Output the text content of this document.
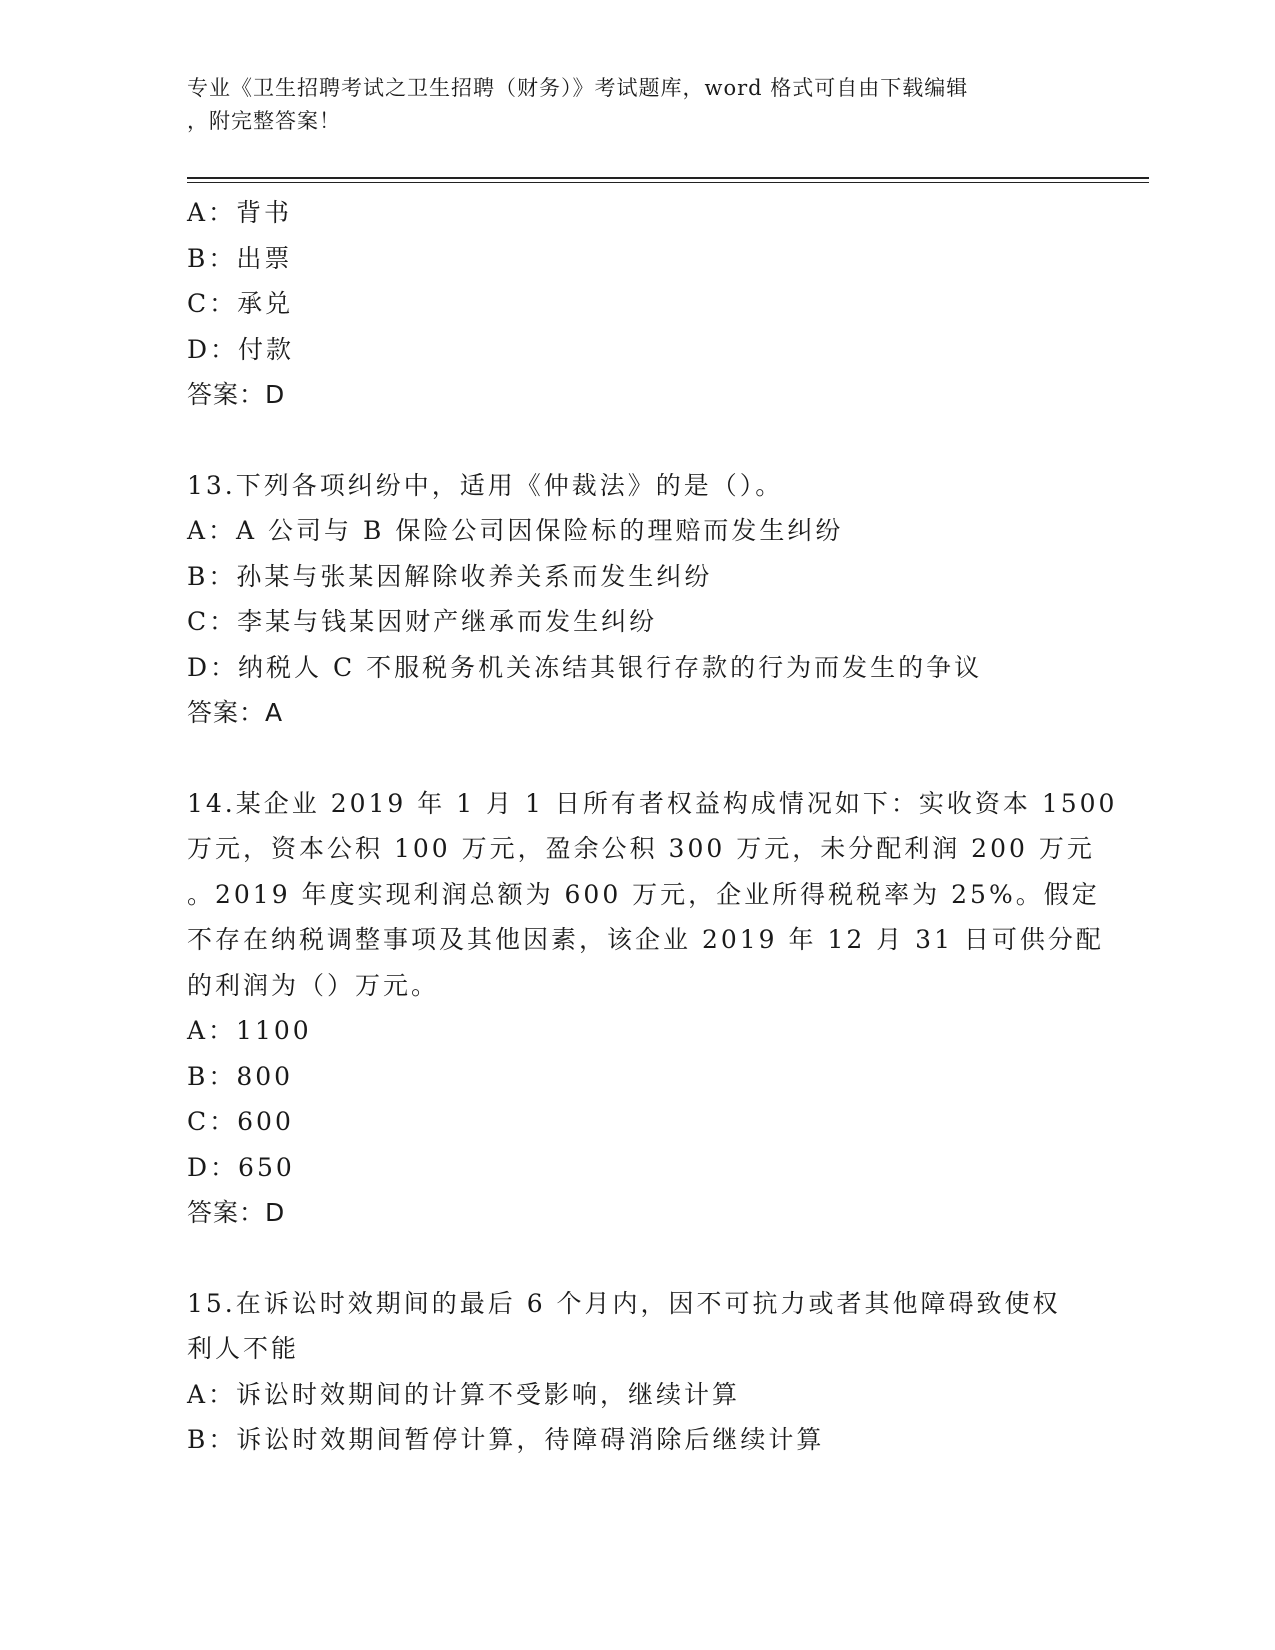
专业《卫生招聘考试之卫生招聘（财务）》考试题库，word 格式可自由下载编辑
，附完整答案！
A：背书
B：出票
C：承兑
D：付款
答案：D
13.下列各项纠纷中，适用《仲裁法》的是（）。
A：A 公司与 B 保险公司因保险标的理赔而发生纠纷
B：孙某与张某因解除收养关系而发生纠纷
C：李某与钱某因财产继承而发生纠纷
D：纳税人 C 不服税务机关冻结其银行存款的行为而发生的争议
答案：A
14.某企业 2019 年 1 月 1 日所有者权益构成情况如下：实收资本 1500
万元，资本公积 100 万元，盈余公积 300 万元，未分配利润 200 万元
。2019 年度实现利润总额为 600 万元，企业所得税税率为 25%。假定
不存在纳税调整事项及其他因素，该企业 2019 年 12 月 31 日可供分配
的利润为（）万元。
A：1100
B：800
C：600
D：650
答案：D
15.在诉讼时效期间的最后 6 个月内，因不可抗力或者其他障碍致使权
利人不能
A：诉讼时效期间的计算不受影响，继续计算
B：诉讼时效期间暂停计算，待障碍消除后继续计算
